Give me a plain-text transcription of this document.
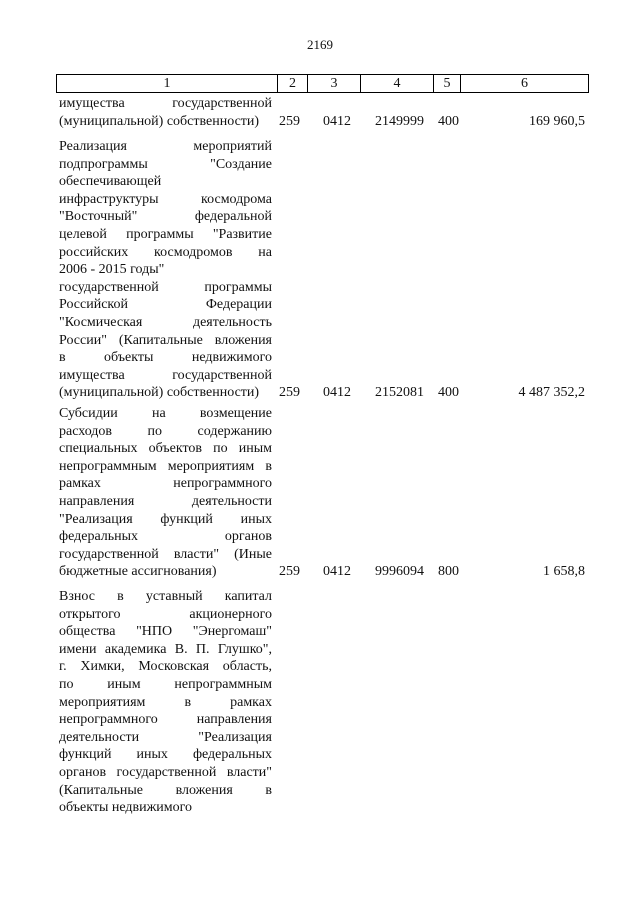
2169
1	2	3	4	5	6

имущества государственной

(муниципальной) собственности)	259 0412 2149999 400	169 960,5

Реализация мероприятий

подпрограммы "Создание

обеспечивающей

инфраструктуры космодрома

"Восточный" федеральной

целевой программы "Развитие

российских космодромов на

2006 - 2015 годы"

государственной программы

Российской Федерации

"Космическая деятельность

России" (Капитальные вложения

в объекты недвижимого

имущества государственной

(муниципальной) собственности)	259 0412 2152081 400	4 487 352,2

Субсидии на возмещение

расходов по содержанию

специальных объектов по иным

непрограммным мероприятиям в

рамках непрограммного

направления деятельности

"Реализация функций иных

федеральных органов

государственной власти" (Иные

бюджетные ассигнования)	259 0412 9996094 800	1 658,8

Взнос в уставный капитал

открытого акционерного

общества "НПО "Энергомаш"

имени академика В. П. Глушко",

г. Химки, Московская область,

по иным непрограммным

мероприятиям в рамках

непрограммного направления

деятельности "Реализация

функций иных федеральных

органов государственной власти"

(Капитальные вложения в

объекты недвижимого
